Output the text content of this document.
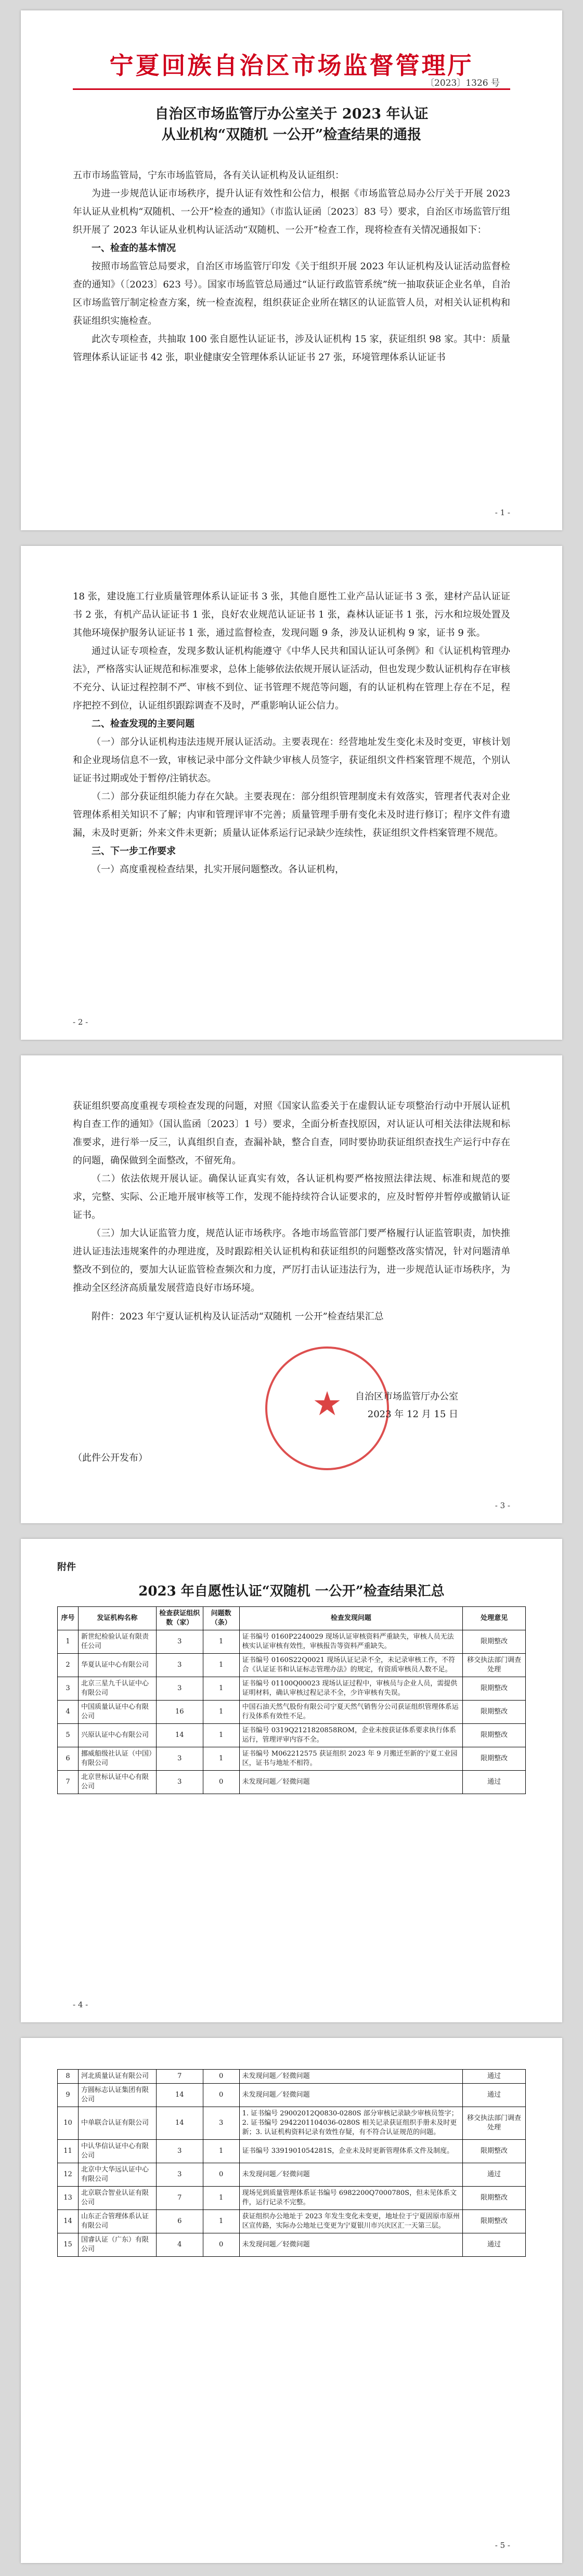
宁夏回族自治区市场监督管理厅
〔2023〕1326 号
自治区市场监管厅办公室关于 2023 年认证
从业机构“双随机 一公开”检查结果的通报

五市市场监管局，宁东市场监管局，各有关认证机构及认证组织：

为进一步规范认证市场秩序，提升认证有效性和公信力，根据《市场监管总局办公厅关于开展 2023 年认证从业机构“双随机、一公开”检查的通知》（市监认证函〔2023〕83 号）要求，自治区市场监管厅组织开展了 2023 年认证从业机构认证活动“双随机、一公开”检查工作，现将检查有关情况通报如下：

一、检查的基本情况

按照市场监管总局要求，自治区市场监管厅印发《关于组织开展 2023 年认证机构及认证活动监督检查的通知》（〔2023〕623 号）。国家市场监管总局通过“认证行政监管系统”统一抽取获证企业名单，自治区市场监管厅制定检查方案，统一检查流程，组织获证企业所在辖区的认证监管人员，对相关认证机构和获证组织实施检查。

此次专项检查，共抽取 100 张自愿性认证证书，涉及认证机构 15 家，获证组织 98 家。其中：质量管理体系认证证书 42 张，职业健康安全管理体系认证证书 27 张，环境管理体系认证证书

- 1 -

18 张，建设施工行业质量管理体系认证证书 3 张，其他自愿性工业产品认证证书 3 张，建材产品认证证书 2 张，有机产品认证证书 1 张，良好农业规范认证证书 1 张，森林认证证书 1 张，污水和垃圾处置及其他环境保护服务认证证书 1 张，通过监督检查，发现问题 9 条，涉及认证机构 9 家，证书 9 张。

通过认证专项检查，发现多数认证机构能遵守《中华人民共和国认证认可条例》和《认证机构管理办法》，严格落实认证规范和标准要求，总体上能够依法依规开展认证活动，但也发现少数认证机构存在审核不充分、认证过程控制不严、审核不到位、证书管理不规范等问题，有的认证机构在管理上存在不足，程序把控不到位，认证组织跟踪调查不及时，严重影响认证公信力。

二、检查发现的主要问题

（一）部分认证机构违法违规开展认证活动。主要表现在：经营地址发生变化未及时变更，审核计划和企业现场信息不一致，审核记录中部分文件缺少审核人员签字，获证组织文件档案管理不规范，个别认证证书过期或处于暂停/注销状态。

（二）部分获证组织能力存在欠缺。主要表现在：部分组织管理制度未有效落实，管理者代表对企业管理体系相关知识不了解；内审和管理评审不完善；质量管理手册有变化未及时进行修订；程序文件有遗漏，未及时更新；外来文件未更新；质量认证体系运行记录缺少连续性，获证组织文件档案管理不规范。

三、下一步工作要求

（一）高度重视检查结果，扎实开展问题整改。各认证机构，

- 2 -

获证组织要高度重视专项检查发现的问题，对照《国家认监委关于在虚假认证专项整治行动中开展认证机构自查工作的通知》（国认监函〔2023〕1 号）要求，全面分析查找原因，对认证认可相关法律法规和标准要求，进行举一反三，认真组织自查，查漏补缺，整合自查，同时要协助获证组织查找生产运行中存在的问题，确保做到全面整改，不留死角。

（二）依法依规开展认证。确保认证真实有效，各认证机构要严格按照法律法规、标准和规范的要求，完整、实际、公正地开展审核等工作，发现不能持续符合认证要求的，应及时暂停并暂停或撤销认证证书。

（三）加大认证监管力度，规范认证市场秩序。各地市场监管部门要严格履行认证监管职责，加快推进认证违法违规案件的办理进度，及时跟踪相关认证机构和获证组织的问题整改落实情况，针对问题清单整改不到位的，要加大认证监管检查频次和力度，严厉打击认证违法行为，进一步规范认证市场秩序，为推动全区经济高质量发展营造良好市场环境。

附件：2023 年宁夏认证机构及认证活动“双随机 一公开”检查结果汇总

★	自治区市场监管厅办公室
2023 年 12 月 15 日
（此件公开发布）
- 3 -
附件
2023 年自愿性认证“双随机 一公开”检查结果汇总
序号	发证机构名称	检查获证组织数（家）	问题数（条）	检查发现问题	处理意见
1	新世纪检验认证有限责任公司	3	1	证书编号 0160P2240029 现场认证审核资料严重缺失，审核人员无法核实认证审核有效性，审核报告等资料严重缺失。	限期整改
2	华夏认证中心有限公司	3	1	证书编号 0160S22Q0021 现场认证记录不全，未记录审核工作，不符合《认证证书和认证标志管理办法》的规定，有资质审核员人数不足。	移交执法部门调查处理
3	北京三星九千认证中心有限公司	3	1	证书编号 01100Q00023 现场认证过程中，审核员与企业人员，需提供证明材料，确认审核过程记录不全，少许审核有失误。	限期整改
4	中国质量认证中心有限公司	16	1	中国石油天然气股份有限公司宁夏天然气销售分公司获证组织管理体系运行及体系有效性不足。	限期整改
5	兴原认证中心有限公司	14	1	证书编号 0319Q2121820858ROM，企业未按获证体系要求执行体系运行，管理评审内容不全。	限期整改
6	挪威船级社认证（中国）有限公司	3	1	证书编号 M062212575 获证组织 2023 年 9 月搬迁至新的宁夏工业园区，证书与地址不相符。	限期整改
7	北京世标认证中心有限公司	3	0	未发现问题／轻微问题	通过
- 4 -
8	河北质量认证有限公司	7	0	未发现问题／轻微问题	通过
9	方圆标志认证集团有限公司	14	0	未发现问题／轻微问题	通过
10	中单联合认证有限公司	14	3	1. 证书编号 29002012Q0830-0280S 部分审核记录缺少审核员签字；2. 证书编号 2942201104036-0280S 相关记录获证组织手册未及时更新；3. 认证机构资料记录有效性存疑，有不符合认证规范的问题。	移交执法部门调查处理
11	中认华信认证中心有限公司	3	1	证书编号 3391901054281S，企业未及时更新管理体系文件及制度。	限期整改
12	北京中大华远认证中心有限公司	3	0	未发现问题／轻微问题	通过
13	北京联合智业认证有限公司	7	1	现场见到质量管理体系证书编号 6982200Q7000780S，但未见体系文件，运行记录不完整。	限期整改
14	山东正合管理体系认证有限公司	6	1	获证组织办公地址于 2023 年发生变化未变更，地址位于宁夏固原市原州区宣传路，实际办公地址已变更为宁夏银川市兴庆区汇一天第三层。	限期整改
15	国睿认证（广东）有限公司	4	0	未发现问题／轻微问题	通过
- 5 -
